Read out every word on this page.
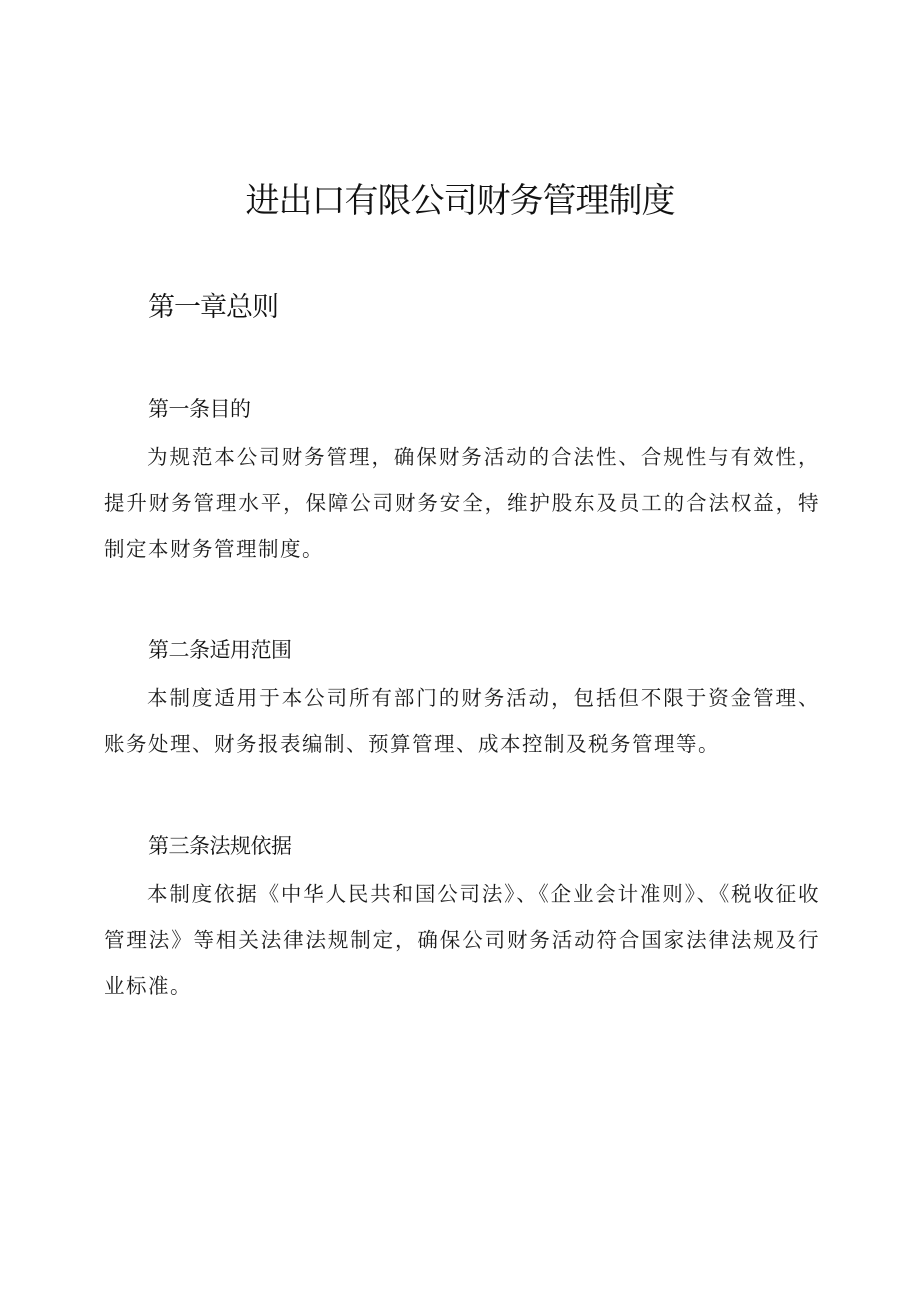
进出口有限公司财务管理制度
第一章总则
第一条目的

为规范本公司财务管理，确保财务活动的合法性、合规性与有效性，提升财务管理水平，保障公司财务安全，维护股东及员工的合法权益，特制定本财务管理制度。

第二条适用范围

本制度适用于本公司所有部门的财务活动，包括但不限于资金管理、账务处理、财务报表编制、预算管理、成本控制及税务管理等。

第三条法规依据

本制度依据《中华人民共和国公司法》、《企业会计准则》、《税收征收管理法》等相关法律法规制定，确保公司财务活动符合国家法律法规及行业标准。
